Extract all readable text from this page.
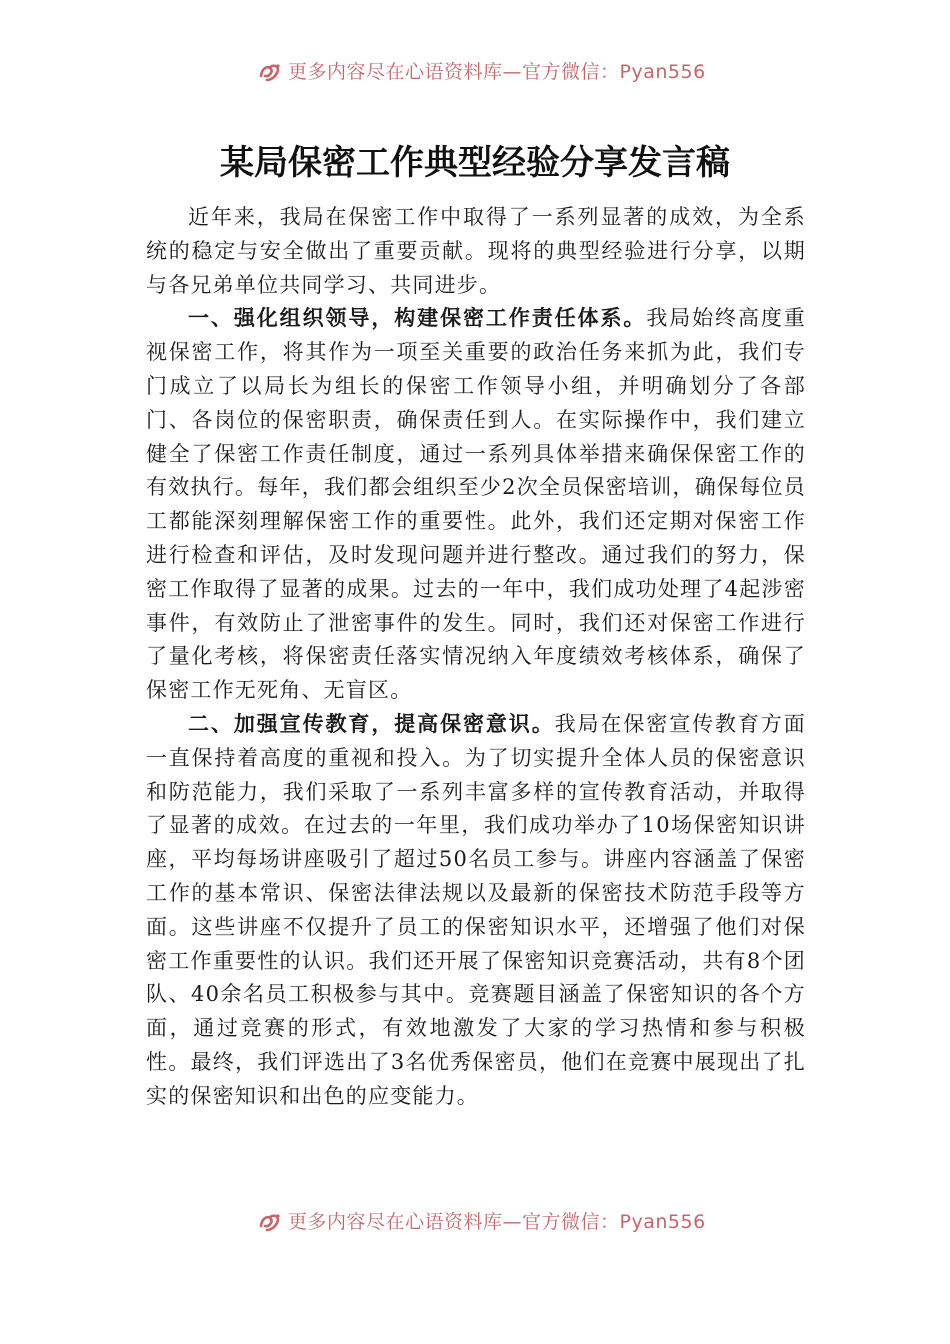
更多内容尽在心语资料库—官方微信：Pyan556
某局保密工作典型经验分享发言稿

近年来，我局在保密工作中取得了一系列显著的成效，为全系统的稳定与安全做出了重要贡献。现将的典型经验进行分享，以期与各兄弟单位共同学习、共同进步。

一、强化组织领导，构建保密工作责任体系。我局始终高度重视保密工作，将其作为一项至关重要的政治任务来抓为此，我们专门成立了以局长为组长的保密工作领导小组，并明确划分了各部门、各岗位的保密职责，确保责任到人。在实际操作中，我们建立健全了保密工作责任制度，通过一系列具体举措来确保保密工作的有效执行。每年，我们都会组织至少2次全员保密培训，确保每位员工都能深刻理解保密工作的重要性。此外，我们还定期对保密工作进行检查和评估，及时发现问题并进行整改。通过我们的努力，保密工作取得了显著的成果。过去的一年中，我们成功处理了4起涉密事件，有效防止了泄密事件的发生。同时，我们还对保密工作进行了量化考核，将保密责任落实情况纳入年度绩效考核体系，确保了保密工作无死角、无盲区。

二、加强宣传教育，提高保密意识。我局在保密宣传教育方面一直保持着高度的重视和投入。为了切实提升全体人员的保密意识和防范能力，我们采取了一系列丰富多样的宣传教育活动，并取得了显著的成效。在过去的一年里，我们成功举办了10场保密知识讲座，平均每场讲座吸引了超过50名员工参与。讲座内容涵盖了保密工作的基本常识、保密法律法规以及最新的保密技术防范手段等方面。这些讲座不仅提升了员工的保密知识水平，还增强了他们对保密工作重要性的认识。我们还开展了保密知识竞赛活动，共有8个团队、40余名员工积极参与其中。竞赛题目涵盖了保密知识的各个方面，通过竞赛的形式，有效地激发了大家的学习热情和参与积极性。最终，我们评选出了3名优秀保密员，他们在竞赛中展现出了扎实的保密知识和出色的应变能力。

更多内容尽在心语资料库—官方微信：Pyan556
